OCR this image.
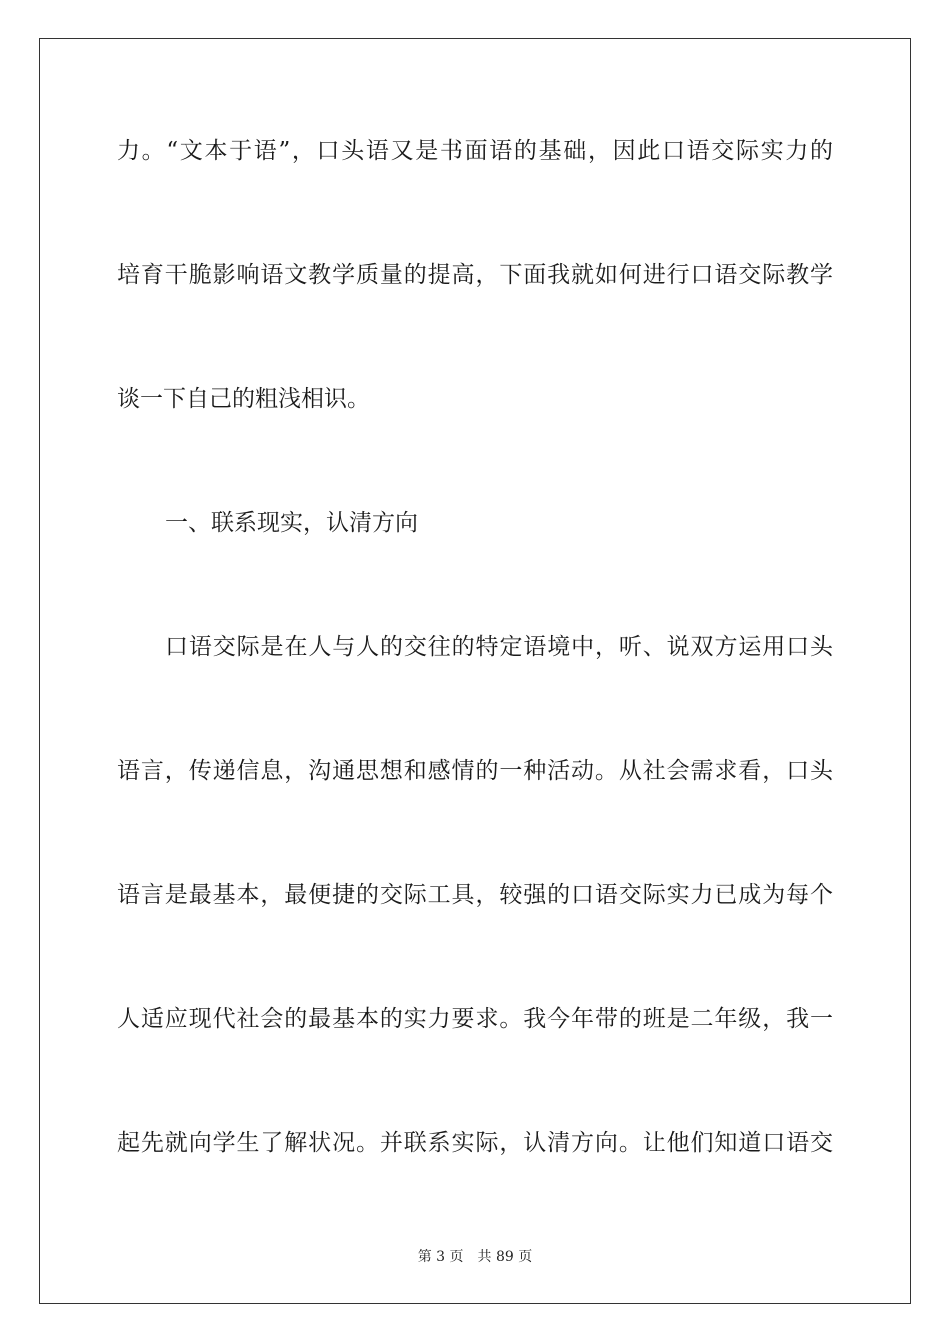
力。“文本于语”，口头语又是书面语的基础，因此口语交际实力的
培育干脆影响语文教学质量的提高，下面我就如何进行口语交际教学
谈一下自己的粗浅相识。
一、联系现实，认清方向
口语交际是在人与人的交往的特定语境中，听、说双方运用口头
语言，传递信息，沟通思想和感情的一种活动。从社会需求看，口头
语言是最基本，最便捷的交际工具，较强的口语交际实力已成为每个
人适应现代社会的最基本的实力要求。我今年带的班是二年级，我一
起先就向学生了解状况。并联系实际，认清方向。让他们知道口语交
第 3 页 共 89 页
